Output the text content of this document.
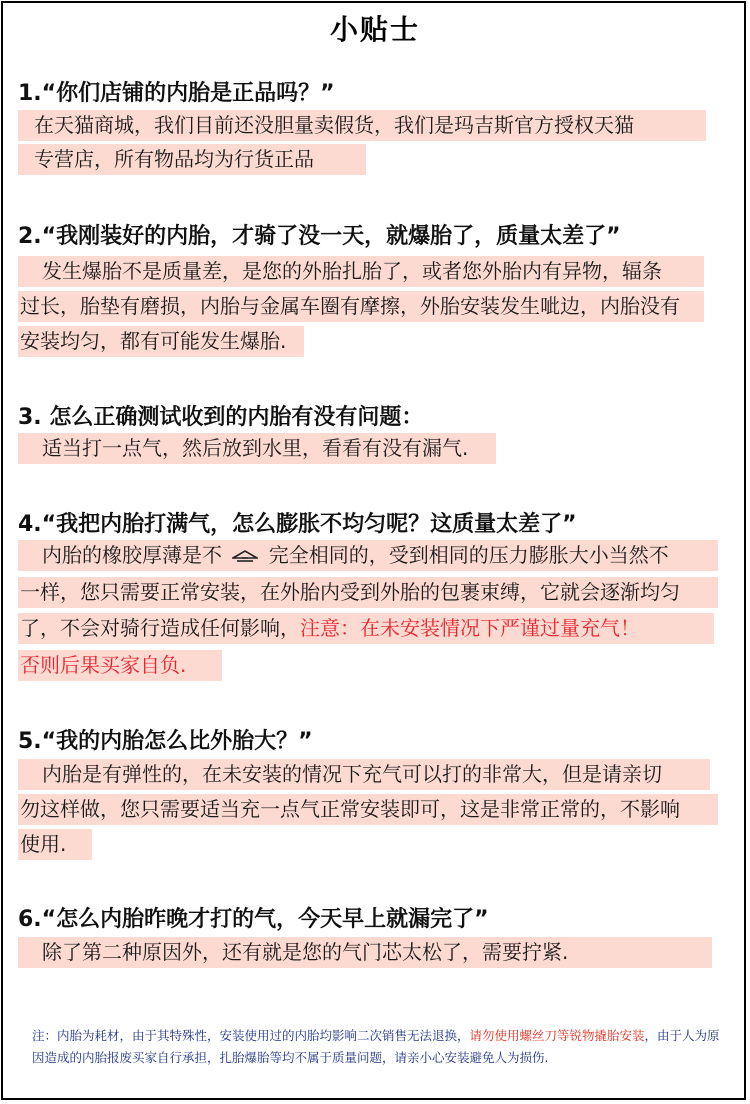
小贴士
1.“你们店铺的内胎是正品吗？”
在天猫商城，我们目前还没胆量卖假货，我们是玛吉斯官方授权天猫
专营店，所有物品均为行货正品
2.“我刚装好的内胎，才骑了没一天，就爆胎了，质量太差了”
发生爆胎不是质量差，是您的外胎扎胎了，或者您外胎内有异物，辐条
过长，胎垫有磨损，内胎与金属车圈有摩擦，外胎安装发生呲边，内胎没有
安装均匀，都有可能发生爆胎.
3. 怎么正确测试收到的内胎有没有问题：
适当打一点气，然后放到水里，看看有没有漏气.
4.“我把内胎打满气，怎么膨胀不均匀呢？这质量太差了”
内胎的橡胶厚薄是不 完全相同的，受到相同的压力膨胀大小当然不
一样，您只需要正常安装，在外胎内受到外胎的包裹束缚，它就会逐渐均匀
了，不会对骑行造成任何影响，注意：在未安装情况下严谨过量充气！
否则后果买家自负.
5.“我的内胎怎么比外胎大？”
内胎是有弹性的，在未安装的情况下充气可以打的非常大，但是请亲切
勿这样做，您只需要适当充一点气正常安装即可，这是非常正常的，不影响
使用.
6.“怎么内胎昨晚才打的气，今天早上就漏完了”
除了第二种原因外，还有就是您的气门芯太松了，需要拧紧.
注：内胎为耗材，由于其特殊性，安装使用过的内胎均影响二次销售无法退换，请勿使用螺丝刀等锐物撬胎安装，由于人为原因造成的内胎报废买家自行承担，扎胎爆胎等均不属于质量问题，请亲小心安装避免人为损伤.
